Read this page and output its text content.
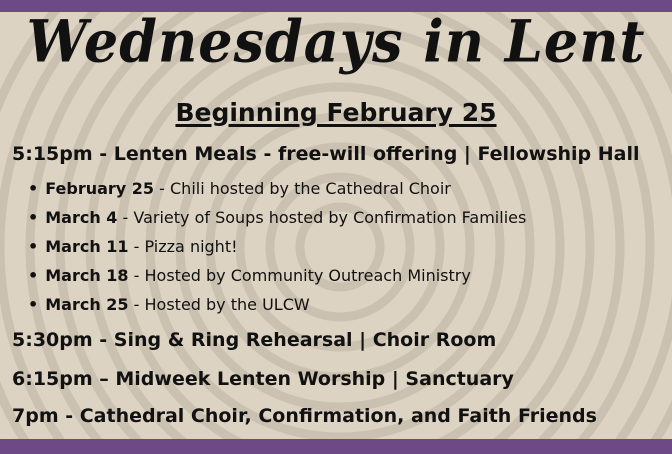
Wednesdays in Lent
Beginning February 25
5:15pm - Lenten Meals - free-will offering | Fellowship Hall
• February 25 - Chili hosted by the Cathedral Choir
• March 4 - Variety of Soups hosted by Confirmation Families
• March 11 - Pizza night!
• March 18 - Hosted by Community Outreach Ministry
• March 25 - Hosted by the ULCW
5:30pm - Sing & Ring Rehearsal | Choir Room
6:15pm – Midweek Lenten Worship | Sanctuary
7pm - Cathedral Choir, Confirmation, and Faith Friends
